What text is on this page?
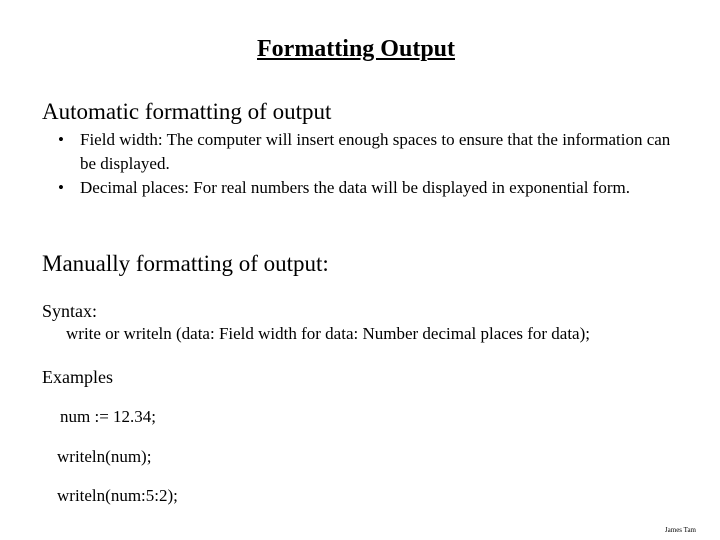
Formatting Output
Automatic formatting of output
• Field width: The computer will insert enough spaces to ensure that the information can be displayed.
• Decimal places: For real numbers the data will be displayed in exponential form.
Manually formatting of output:
Syntax:
write or writeln (data: Field width for data: Number decimal places for data);
Examples
num := 12.34;
writeln(num);
writeln(num:5:2);
James Tam
